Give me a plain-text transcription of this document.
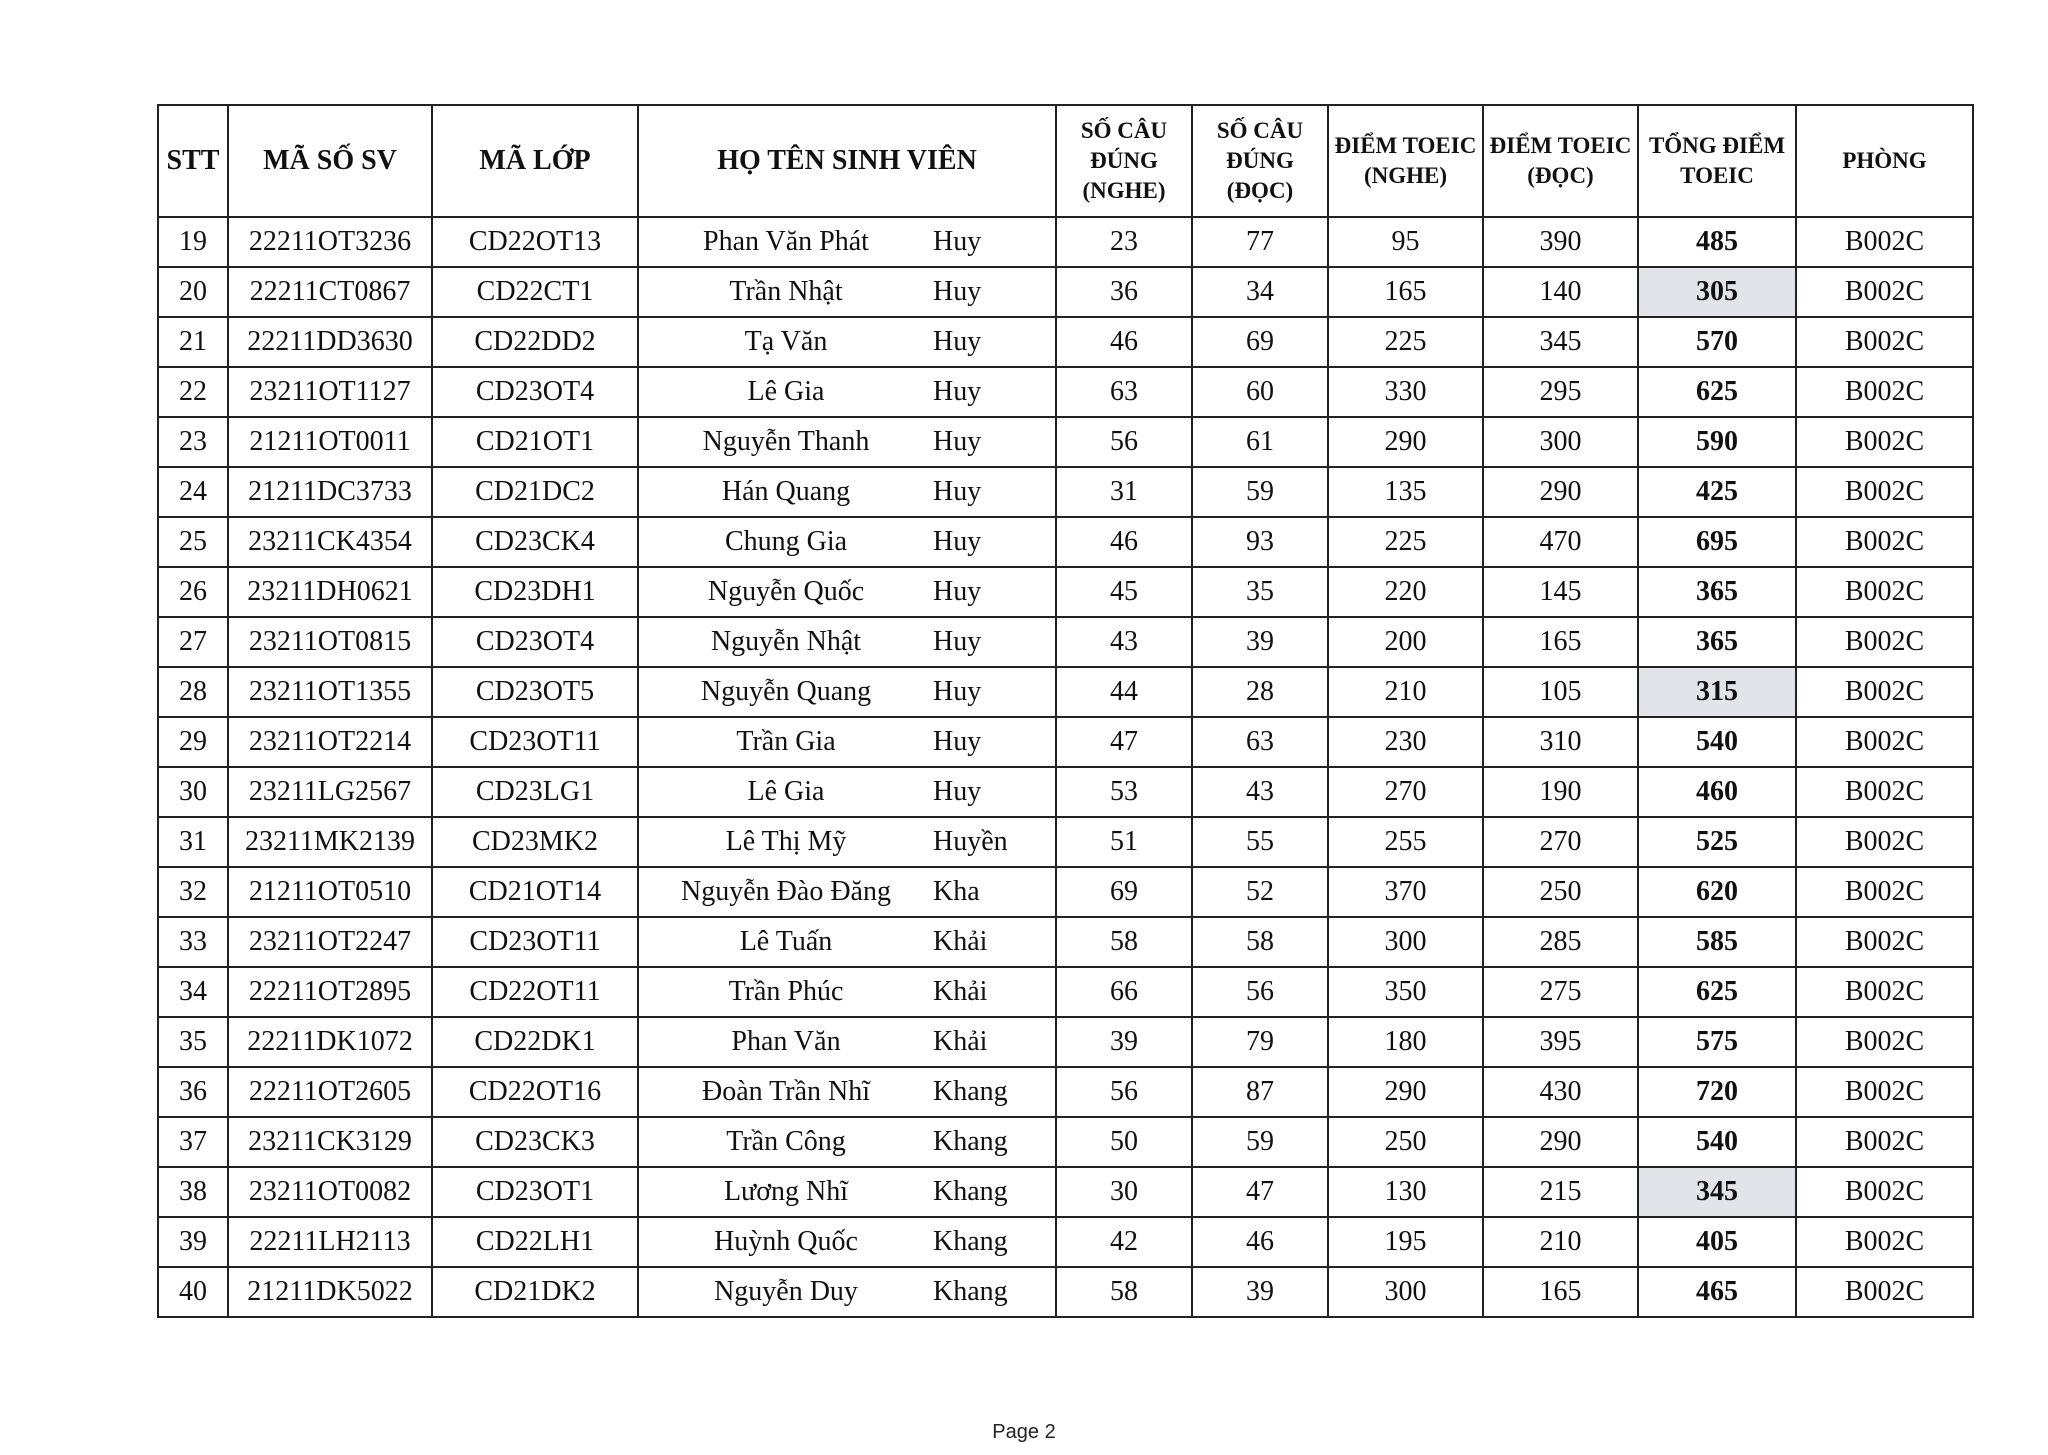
STT	MÃ SỐ SV	MÃ LỚP	HỌ TÊN SINH VIÊN	SỐ CÂU ĐÚNG (NGHE)	SỐ CÂU ĐÚNG (ĐỌC)	ĐIỂM TOEIC (NGHE)	ĐIỂM TOEIC (ĐỌC)	TỔNG ĐIỂM TOEIC	PHÒNG
19	22211OT3236	CD22OT13	Phan Văn Phát Huy	23	77	95	390	485	B002C
20	22211CT0867	CD22CT1	Trần Nhật Huy	36	34	165	140	305	B002C
21	22211DD3630	CD22DD2	Tạ Văn Huy	46	69	225	345	570	B002C
22	23211OT1127	CD23OT4	Lê Gia Huy	63	60	330	295	625	B002C
23	21211OT0011	CD21OT1	Nguyễn Thanh Huy	56	61	290	300	590	B002C
24	21211DC3733	CD21DC2	Hán Quang Huy	31	59	135	290	425	B002C
25	23211CK4354	CD23CK4	Chung Gia Huy	46	93	225	470	695	B002C
26	23211DH0621	CD23DH1	Nguyễn Quốc Huy	45	35	220	145	365	B002C
27	23211OT0815	CD23OT4	Nguyễn Nhật Huy	43	39	200	165	365	B002C
28	23211OT1355	CD23OT5	Nguyễn Quang Huy	44	28	210	105	315	B002C
29	23211OT2214	CD23OT11	Trần Gia Huy	47	63	230	310	540	B002C
30	23211LG2567	CD23LG1	Lê Gia Huy	53	43	270	190	460	B002C
31	23211MK2139	CD23MK2	Lê Thị Mỹ Huyền	51	55	255	270	525	B002C
32	21211OT0510	CD21OT14	Nguyễn Đào Đăng Kha	69	52	370	250	620	B002C
33	23211OT2247	CD23OT11	Lê Tuấn Khải	58	58	300	285	585	B002C
34	22211OT2895	CD22OT11	Trần Phúc Khải	66	56	350	275	625	B002C
35	22211DK1072	CD22DK1	Phan Văn Khải	39	79	180	395	575	B002C
36	22211OT2605	CD22OT16	Đoàn Trần Nhĩ Khang	56	87	290	430	720	B002C
37	23211CK3129	CD23CK3	Trần Công Khang	50	59	250	290	540	B002C
38	23211OT0082	CD23OT1	Lương Nhĩ Khang	30	47	130	215	345	B002C
39	22211LH2113	CD22LH1	Huỳnh Quốc Khang	42	46	195	210	405	B002C
40	21211DK5022	CD21DK2	Nguyễn Duy Khang	58	39	300	165	465	B002C
Page 2
